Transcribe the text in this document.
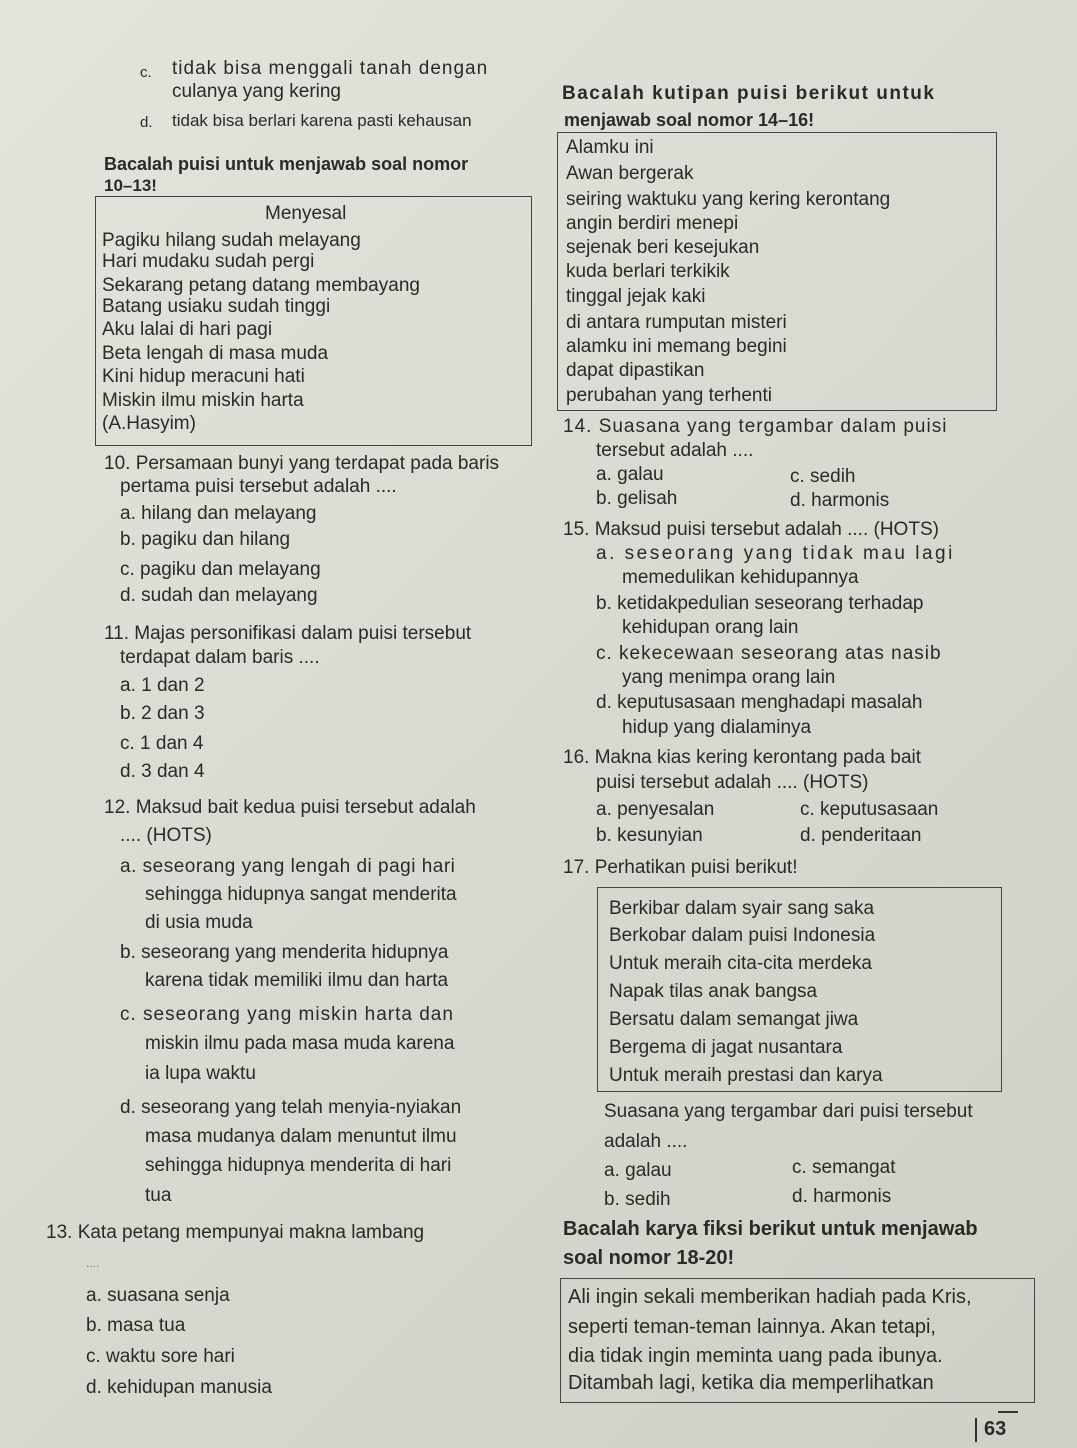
c. tidak bisa menggali tanah dengan
culanya yang kering
d. tidak bisa berlari karena pasti kehausan
Bacalah puisi untuk menjawab soal nomor
10–13!
Menyesal
Pagiku hilang sudah melayang
Hari mudaku sudah pergi
Sekarang petang datang membayang
Batang usiaku sudah tinggi
Aku lalai di hari pagi
Beta lengah di masa muda
Kini hidup meracuni hati
Miskin ilmu miskin harta
(A.Hasyim)
10. Persamaan bunyi yang terdapat pada baris
pertama puisi tersebut adalah ....
a. hilang dan melayang
b. pagiku dan hilang
c. pagiku dan melayang
d. sudah dan melayang
11. Majas personifikasi dalam puisi tersebut
terdapat dalam baris ....
a. 1 dan 2
b. 2 dan 3
c. 1 dan 4
d. 3 dan 4
12. Maksud bait kedua puisi tersebut adalah
.... (HOTS)
a. seseorang yang lengah di pagi hari
sehingga hidupnya sangat menderita
di usia muda
b. seseorang yang menderita hidupnya
karena tidak memiliki ilmu dan harta
c. seseorang yang miskin harta dan
miskin ilmu pada masa muda karena
ia lupa waktu
d. seseorang yang telah menyia-nyiakan
masa mudanya dalam menuntut ilmu
sehingga hidupnya menderita di hari
tua
13. Kata petang mempunyai makna lambang
....
a. suasana senja
b. masa tua
c. waktu sore hari
d. kehidupan manusia
Bacalah kutipan puisi berikut untuk
menjawab soal nomor 14–16!
Alamku ini
Awan bergerak
seiring waktuku yang kering kerontang
angin berdiri menepi
sejenak beri kesejukan
kuda berlari terkikik
tinggal jejak kaki
di antara rumputan misteri
alamku ini memang begini
dapat dipastikan
perubahan yang terhenti
14. Suasana yang tergambar dalam puisi
tersebut adalah ....
a. galau	c. sedih
b. gelisah	d. harmonis
15. Maksud puisi tersebut adalah .... (HOTS)
a. seseorang yang tidak mau lagi
memedulikan kehidupannya
b. ketidakpedulian seseorang terhadap
kehidupan orang lain
c. kekecewaan seseorang atas nasib
yang menimpa orang lain
d. keputusasaan menghadapi masalah
hidup yang dialaminya
16. Makna kias kering kerontang pada bait
puisi tersebut adalah .... (HOTS)
a. penyesalan	c. keputusasaan
b. kesunyian	d. penderitaan
17. Perhatikan puisi berikut!
Berkibar dalam syair sang saka
Berkobar dalam puisi Indonesia
Untuk meraih cita-cita merdeka
Napak tilas anak bangsa
Bersatu dalam semangat jiwa
Bergema di jagat nusantara
Untuk meraih prestasi dan karya
Suasana yang tergambar dari puisi tersebut
adalah ....
a. galau	c. semangat
b. sedih	d. harmonis
Bacalah karya fiksi berikut untuk menjawab
soal nomor 18-20!
Ali ingin sekali memberikan hadiah pada Kris,
seperti teman-teman lainnya. Akan tetapi,
dia tidak ingin meminta uang pada ibunya.
Ditambah lagi, ketika dia memperlihatkan
63
